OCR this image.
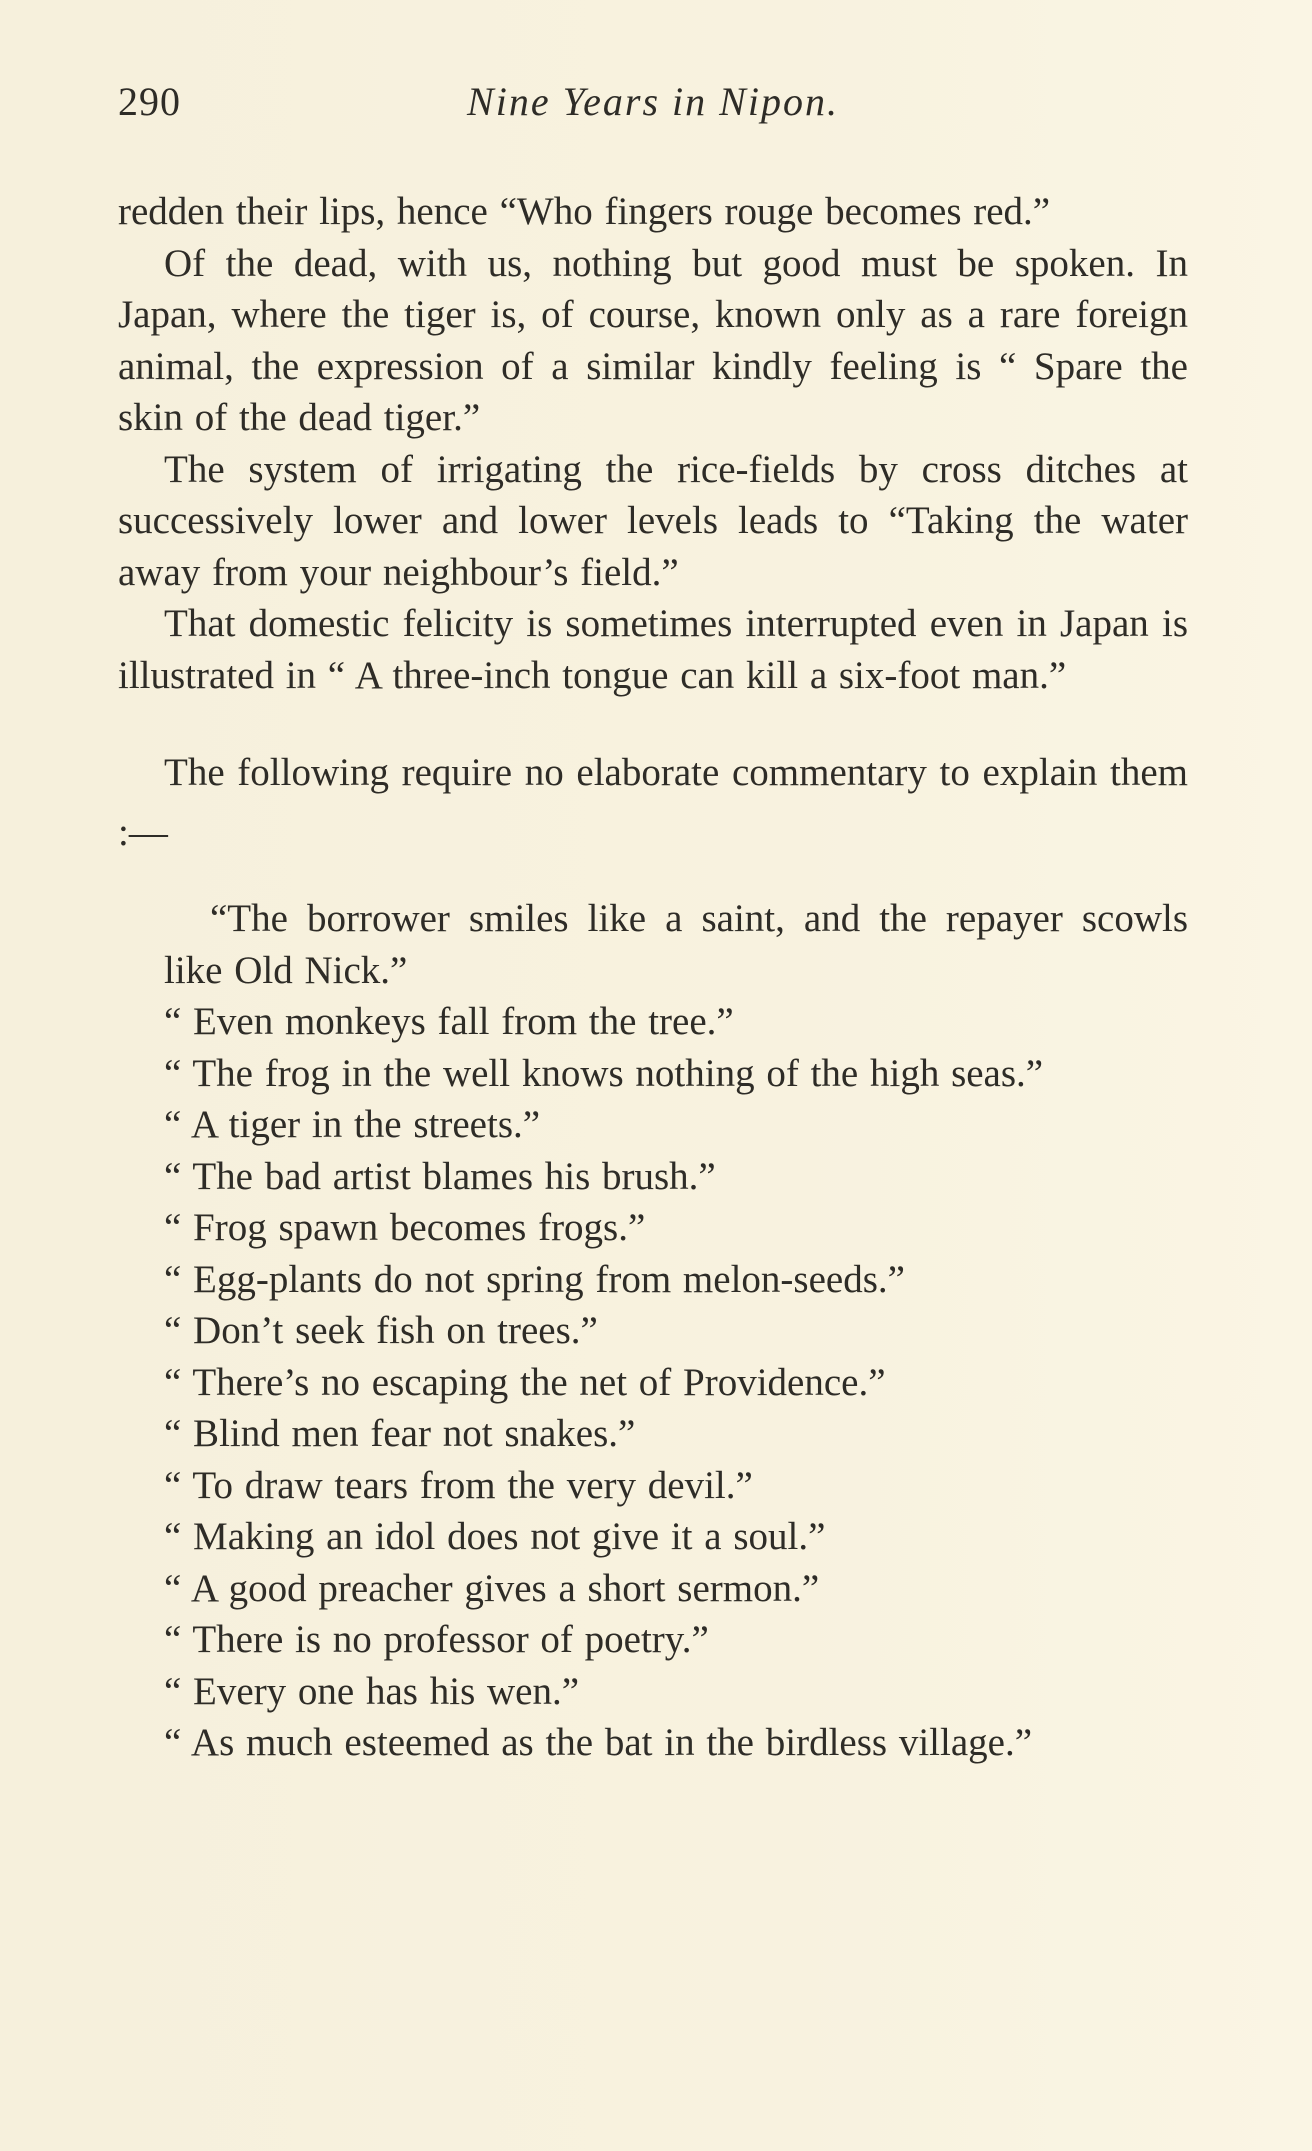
290	Nine Years in Nipon.

redden their lips, hence “Who fingers rouge becomes red.”

Of the dead, with us, nothing but good must be spoken. In Japan, where the tiger is, of course, known only as a rare foreign animal, the expression of a similar kindly feeling is “ Spare the skin of the dead tiger.”

The system of irrigating the rice-fields by cross ditches at successively lower and lower levels leads to “Taking the water away from your neighbour’s field.”

That domestic felicity is sometimes interrupted even in Japan is illustrated in “ A three-inch tongue can kill a six-foot man.”

The following require no elaborate commentary to explain them :—

“The borrower smiles like a saint, and the repayer scowls like Old Nick.”
“ Even monkeys fall from the tree.”
“ The frog in the well knows nothing of the high seas.”
“ A tiger in the streets.”
“ The bad artist blames his brush.”
“ Frog spawn becomes frogs.”
“ Egg-plants do not spring from melon-seeds.”
“ Don’t seek fish on trees.”
“ There’s no escaping the net of Providence.”
“ Blind men fear not snakes.”
“ To draw tears from the very devil.”
“ Making an idol does not give it a soul.”
“ A good preacher gives a short sermon.”
“ There is no professor of poetry.”
“ Every one has his wen.”
“ As much esteemed as the bat in the birdless village.”
